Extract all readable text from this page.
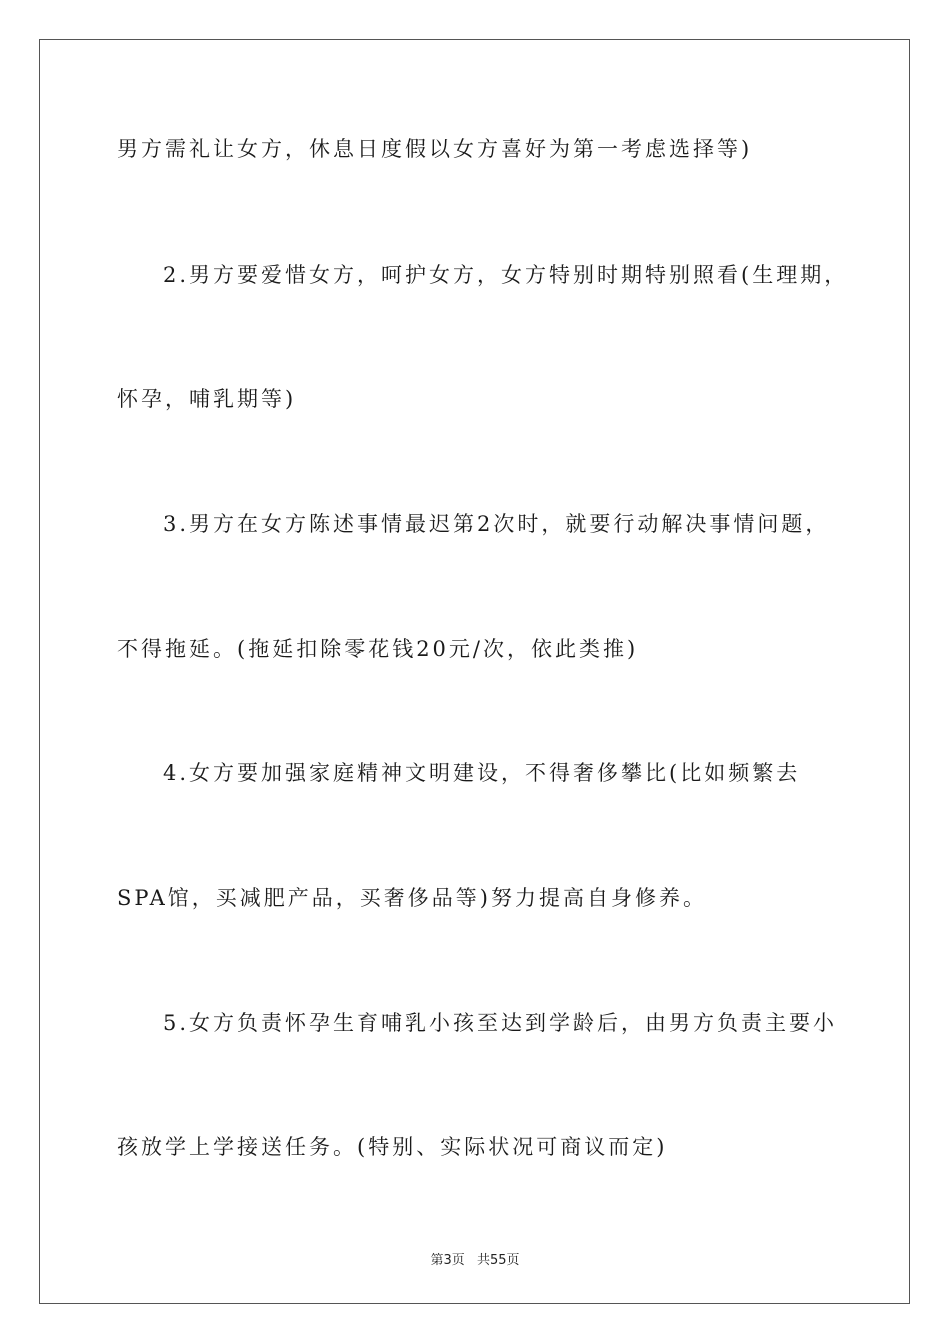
男方需礼让女方，休息日度假以女方喜好为第一考虑选择等)
2.男方要爱惜女方，呵护女方，女方特别时期特别照看(生理期，
怀孕，哺乳期等)
3.男方在女方陈述事情最迟第2次时，就要行动解决事情问题，
不得拖延。(拖延扣除零花钱20元/次，依此类推)
4.女方要加强家庭精神文明建设，不得奢侈攀比(比如频繁去
SPA馆，买减肥产品，买奢侈品等)努力提高自身修养。
5.女方负责怀孕生育哺乳小孩至达到学龄后，由男方负责主要小
孩放学上学接送任务。(特别、实际状况可商议而定)
第3页 共55页
